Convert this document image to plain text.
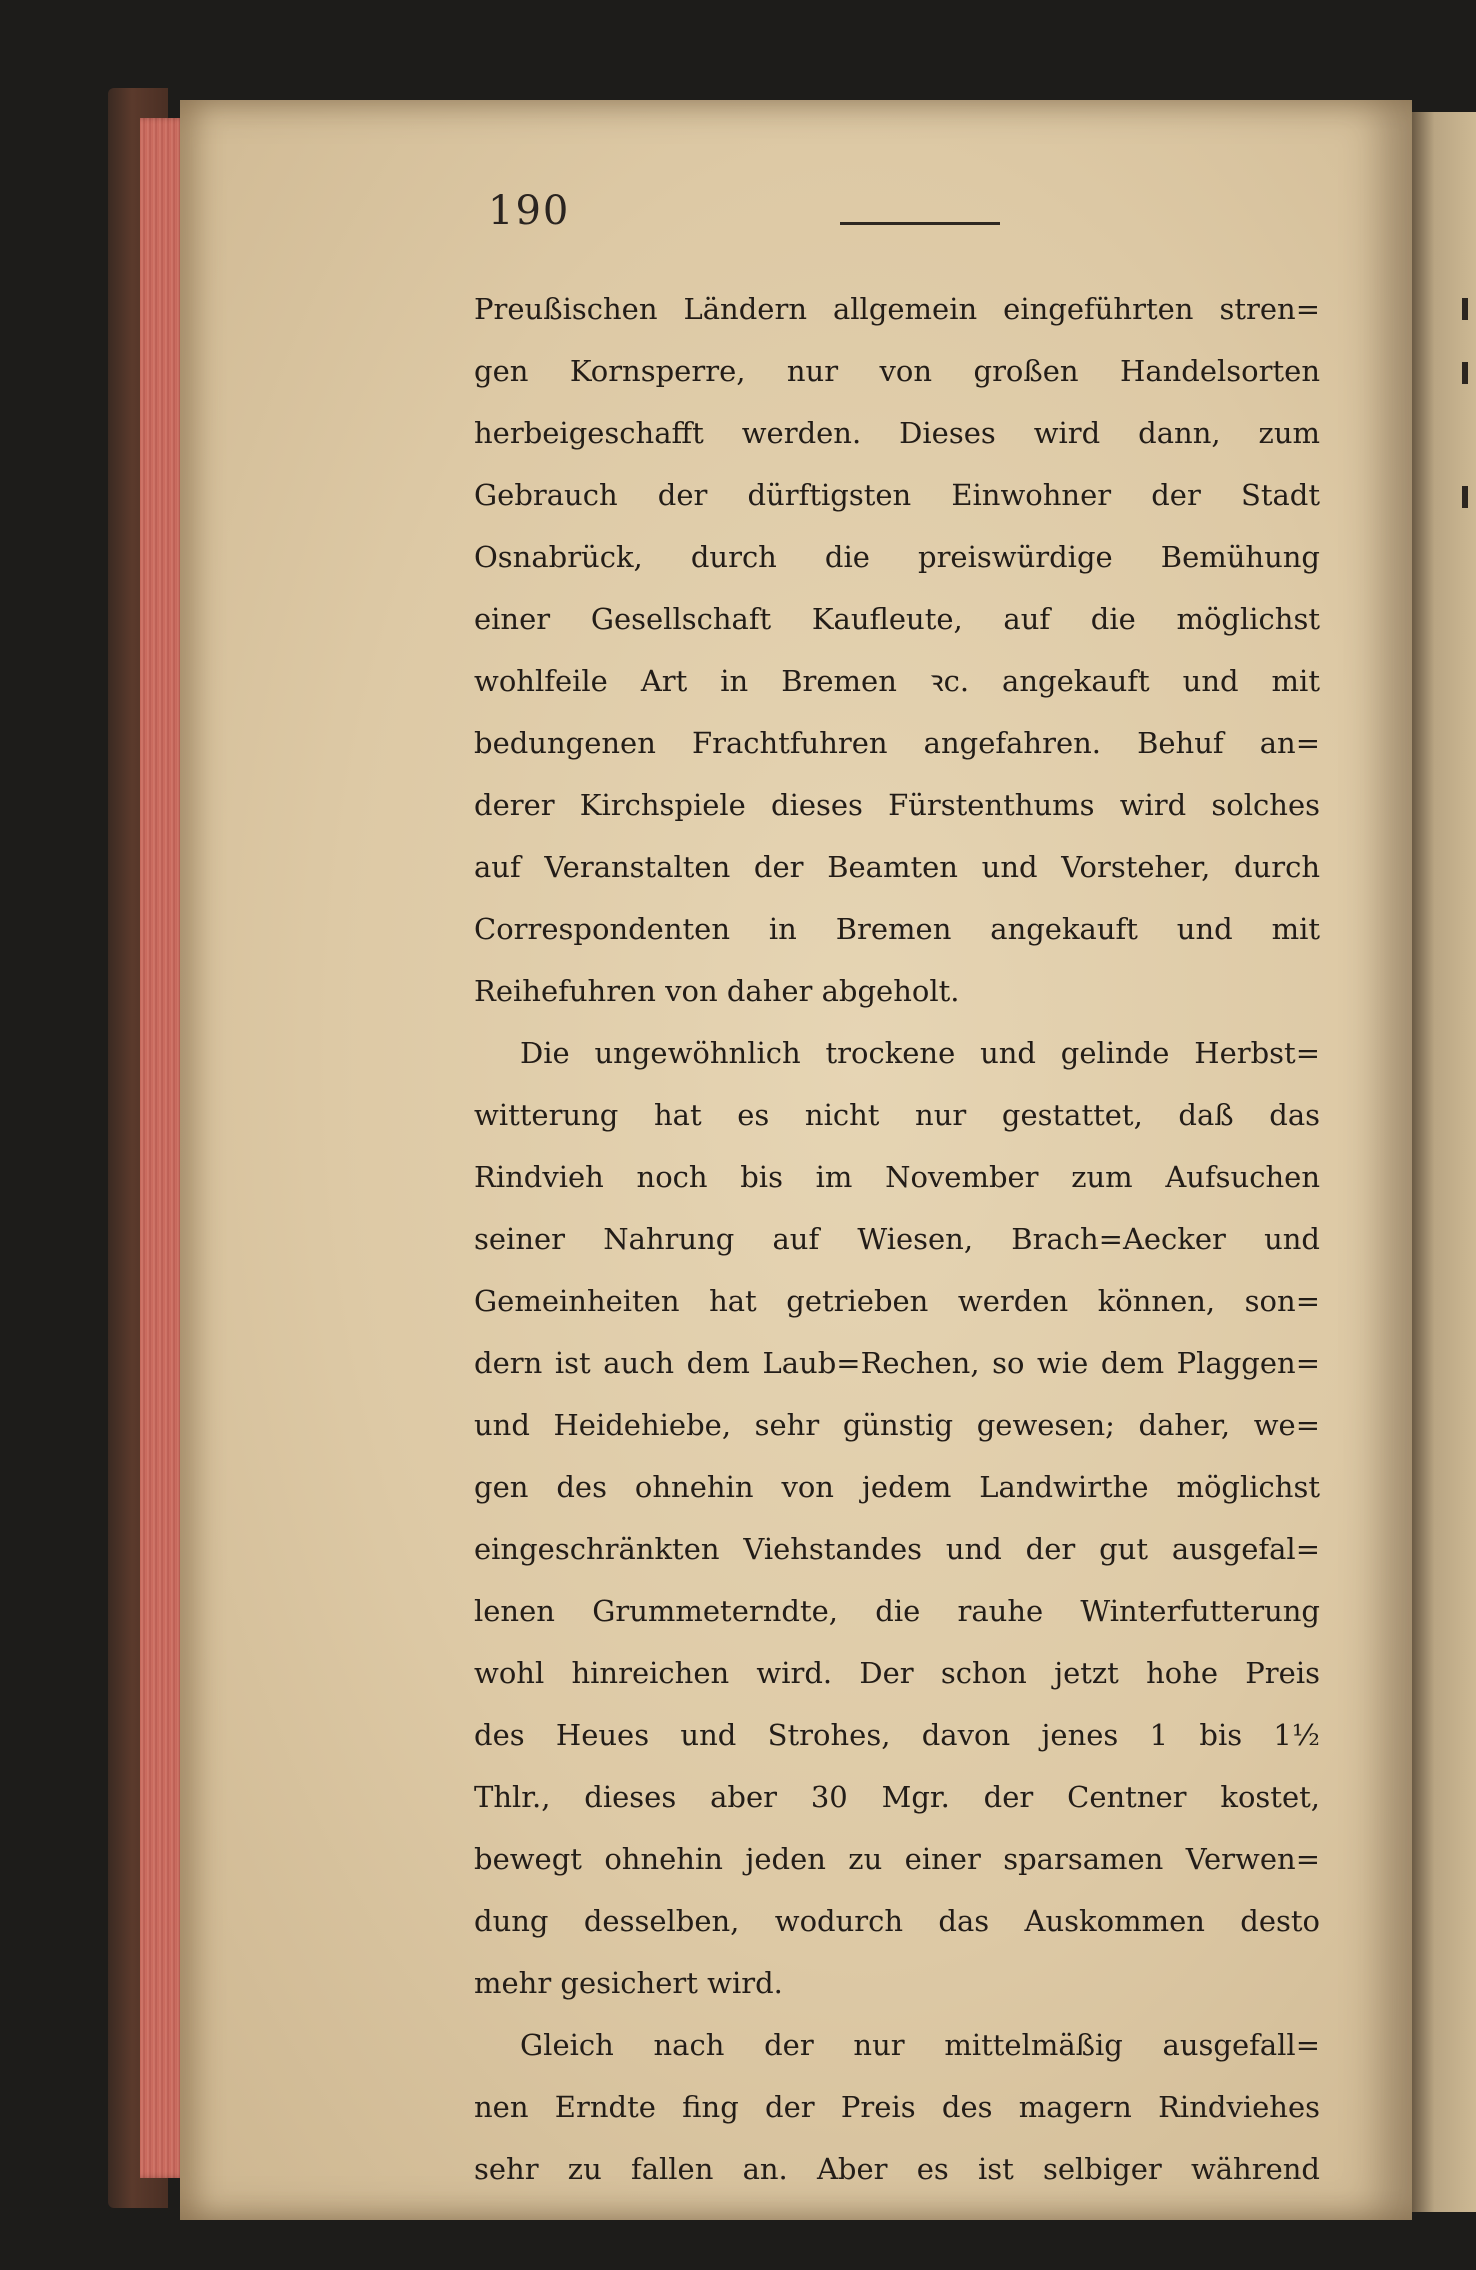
190
Preußischen Ländern allgemein eingeführten stren=
gen Kornsperre, nur von großen Handelsorten
herbeigeschafft werden. Dieses wird dann, zum
Gebrauch der dürftigsten Einwohner der Stadt
Osnabrück, durch die preiswürdige Bemühung
einer Gesellschaft Kaufleute, auf die möglichst
wohlfeile Art in Bremen ꝛc. angekauft und mit
bedungenen Frachtfuhren angefahren. Behuf an=
derer Kirchspiele dieses Fürstenthums wird solches
auf Veranstalten der Beamten und Vorsteher, durch
Correspondenten in Bremen angekauft und mit
Reihefuhren von daher abgeholt.
Die ungewöhnlich trockene und gelinde Herbst=
witterung hat es nicht nur gestattet, daß das
Rindvieh noch bis im November zum Aufsuchen
seiner Nahrung auf Wiesen, Brach=Aecker und
Gemeinheiten hat getrieben werden können, son=
dern ist auch dem Laub=Rechen, so wie dem Plaggen=
und Heidehiebe, sehr günstig gewesen; daher, we=
gen des ohnehin von jedem Landwirthe möglichst
eingeschränkten Viehstandes und der gut ausgefal=
lenen Grummeterndte, die rauhe Winterfutterung
wohl hinreichen wird. Der schon jetzt hohe Preis
des Heues und Strohes, davon jenes 1 bis 1½
Thlr., dieses aber 30 Mgr. der Centner kostet,
bewegt ohnehin jeden zu einer sparsamen Verwen=
dung desselben, wodurch das Auskommen desto
mehr gesichert wird.
Gleich nach der nur mittelmäßig ausgefall=
nen Erndte fing der Preis des magern Rindviehes
sehr zu fallen an. Aber es ist selbiger während
